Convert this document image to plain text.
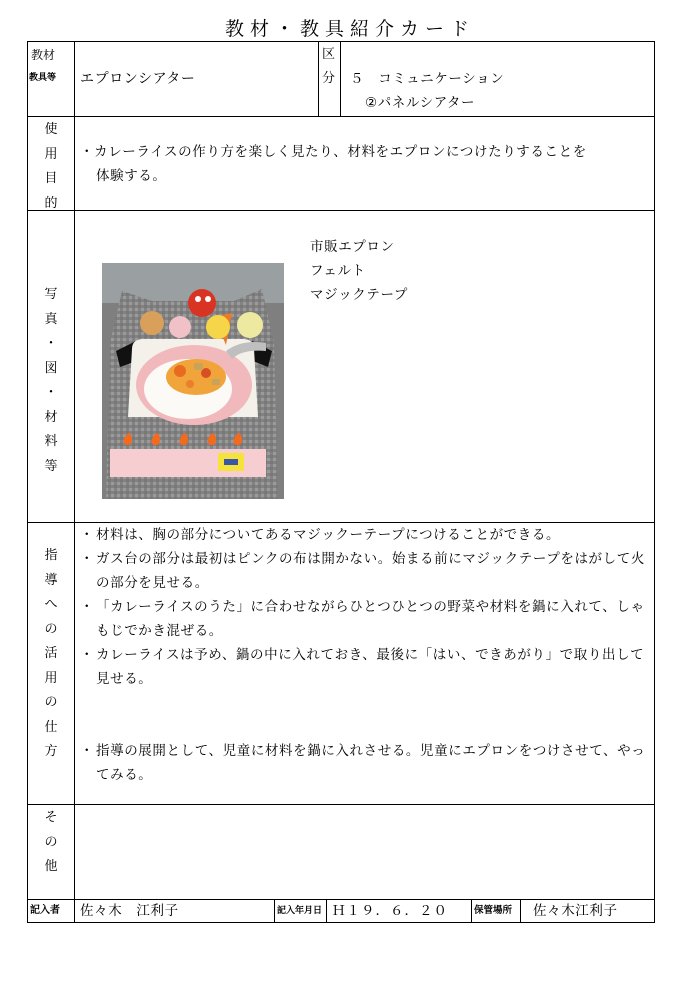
教材・教具紹介カード
教材
教具等 エプロンシアター
区
分 ５　コミュニケーション
②パネルシアター
使
用
目
的
・カレーライスの作り方を楽しく見たり、材料をエプロンにつけたりすることを
体験する。
写
真
・
図
・
材
料
等
市販エプロン
フェルト
マジックテープ
指
導
へ
の
活
用
の
仕
方
・ 材料は、胸の部分についてあるマジックーテープにつけることができる。
・ ガス台の部分は最初はピンクの布は開かない。始まる前にマジックテープをはがして火の部分を見せる。
・ 「カレーライスのうた」に合わせながらひとつひとつの野菜や材料を鍋に入れて、しゃもじでかき混ぜる。
・ カレーライスは予め、鍋の中に入れておき、最後に「はい、できあがり」で取り出して見せる。
・ 指導の展開として、児童に材料を鍋に入れさせる。児童にエプロンをつけさせて、やってみる。
そ
の
他
記入者 佐々木　江利子	記入年月日 Ｈ１９．６．２０	保管場所 佐々木江利子
